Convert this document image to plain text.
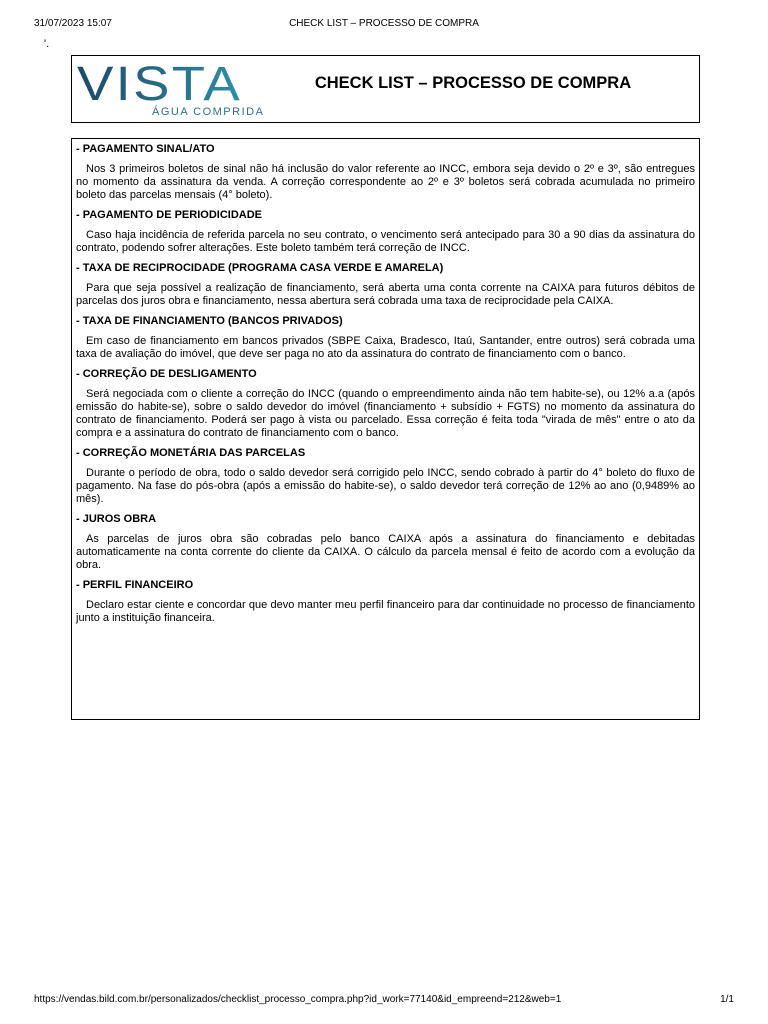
31/07/2023 15:07	CHECK LIST – PROCESSO DE COMPRA
'.
VISTA
ÁGUA COMPRIDA
CHECK LIST – PROCESSO DE COMPRA
- PAGAMENTO SINAL/ATO
Nos 3 primeiros boletos de sinal não há inclusão do valor referente ao INCC, embora seja devido o 2º e 3º, são entregues no momento da assinatura da venda. A correção correspondente ao 2º e 3º boletos será cobrada acumulada no primeiro boleto das parcelas mensais (4° boleto).
- PAGAMENTO DE PERIODICIDADE
Caso haja incidência de referida parcela no seu contrato, o vencimento será antecipado para 30 a 90 dias da assinatura do contrato, podendo sofrer alterações. Este boleto também terá correção de INCC.
- TAXA DE RECIPROCIDADE (PROGRAMA CASA VERDE E AMARELA)
Para que seja possível a realização de financiamento, será aberta uma conta corrente na CAIXA para futuros débitos de parcelas dos juros obra e financiamento, nessa abertura será cobrada uma taxa de reciprocidade pela CAIXA.
- TAXA DE FINANCIAMENTO (BANCOS PRIVADOS)
Em caso de financiamento em bancos privados (SBPE Caixa, Bradesco, Itaú, Santander, entre outros) será cobrada uma taxa de avaliação do imóvel, que deve ser paga no ato da assinatura do contrato de financiamento com o banco.
- CORREÇÃO DE DESLIGAMENTO
Será negociada com o cliente a correção do INCC (quando o empreendimento ainda não tem habite-se), ou 12% a.a (após emissão do habite-se), sobre o saldo devedor do imóvel (financiamento + subsídio + FGTS) no momento da assinatura do contrato de financiamento. Poderá ser pago à vista ou parcelado. Essa correção é feita toda "virada de mês" entre o ato da compra e a assinatura do contrato de financiamento com o banco.
- CORREÇÃO MONETÁRIA DAS PARCELAS
Durante o período de obra, todo o saldo devedor será corrigido pelo INCC, sendo cobrado à partir do 4° boleto do fluxo de pagamento. Na fase do pós-obra (após a emissão do habite-se), o saldo devedor terá correção de 12% ao ano (0,9489% ao mês).
- JUROS OBRA
As parcelas de juros obra são cobradas pelo banco CAIXA após a assinatura do financiamento e debitadas automaticamente na conta corrente do cliente da CAIXA. O cálculo da parcela mensal é feito de acordo com a evolução da obra.
- PERFIL FINANCEIRO
Declaro estar ciente e concordar que devo manter meu perfil financeiro para dar continuidade no processo de financiamento junto a instituição financeira.
https://vendas.bild.com.br/personalizados/checklist_processo_compra.php?id_work=77140&id_empreend=212&web=1	1/1
